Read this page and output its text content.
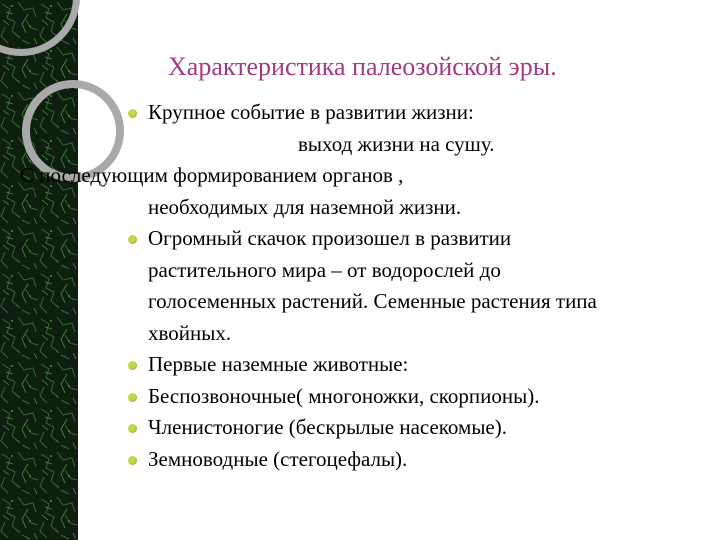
Характеристика палеозойской эры.
Крупное событие в развитии жизни:
выход жизни на сушу.
С последующим формированием органов ,
необходимых для наземной жизни.
Огромный скачок произошел в развитии
растительного мира – от водорослей до
голосеменных растений. Семенные растения типа
хвойных.
Первые наземные животные:
Беспозвоночные( многоножки, скорпионы).
Членистоногие (бескрылые насекомые).
Земноводные (стегоцефалы).
